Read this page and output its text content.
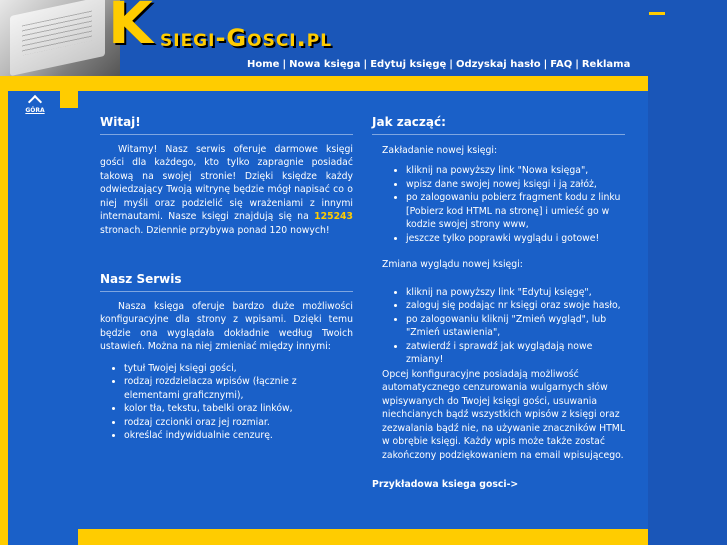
K siegi-Gosci.pl
Home | Nowa księga | Edytuj księgę | Odzyskaj hasło | FAQ | Reklama
GÓRA
Witaj!

Witamy! Nasz serwis oferuje darmowe księgi gości dla każdego, kto tylko zapragnie posiadać takową na swojej stronie! Dzięki księdze każdy odwiedzający Twoją witrynę będzie mógł napisać co o niej myśli oraz podzielić się wrażeniami z innymi internautami. Nasze księgi znajdują się na 125243 stronach. Dziennie przybywa ponad 120 nowych!

Nasz Serwis

Nasza księga oferuje bardzo duże możliwości konfiguracyjne dla strony z wpisami. Dzięki temu będzie ona wyglądała dokładnie według Twoich ustawień. Można na niej zmieniać między innymi:

• tytuł Twojej księgi gości,
• rodzaj rozdzielacza wpisów (łącznie z elementami graficznymi),
• kolor tła, tekstu, tabelki oraz linków,
• rodzaj czcionki oraz jej rozmiar.
• określać indywidualnie cenzurę.
Jak zacząć:

Zakładanie nowej księgi:

• kliknij na powyższy link "Nowa księga",
• wpisz dane swojej nowej księgi i ją załóż,
• po zalogowaniu pobierz fragment kodu z linku [Pobierz kod HTML na stronę] i umieść go w kodzie swojej strony www,
• jeszcze tylko poprawki wyglądu i gotowe!

Zmiana wyglądu nowej księgi:

• kliknij na powyższy link "Edytuj księgę",
• zaloguj się podając nr księgi oraz swoje hasło,
• po zalogowaniu kliknij "Zmień wygląd", lub "Zmień ustawienia",
• zatwierdź i sprawdź jak wyglądają nowe zmiany!

Opcej konfiguracyjne posiadają możliwość automatycznego cenzurowania wulgarnych słów wpisywanych do Twojej księgi gości, usuwania niechcianych bądź wszystkich wpisów z księgi oraz zezwalania bądź nie, na używanie znaczników HTML w obrębie księgi. Każdy wpis może także zostać zakończony podziękowaniem na email wpisującego.

Przykładowa ksiega gosci->
